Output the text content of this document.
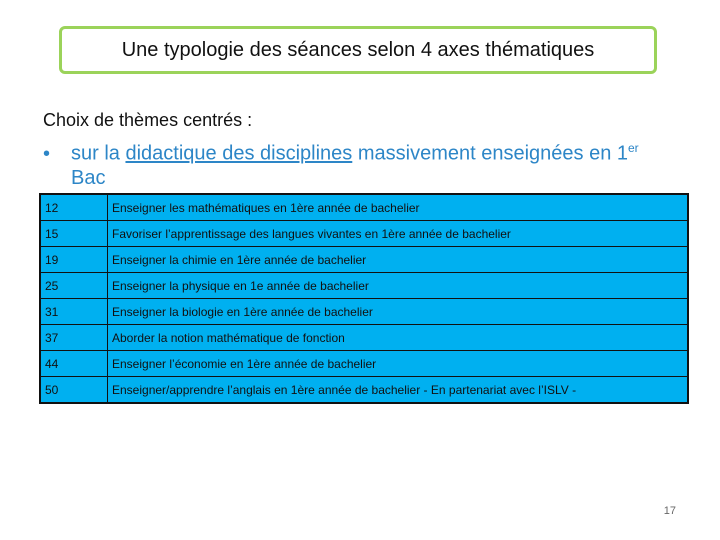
Une typologie des séances selon 4 axes thématiques
Choix de thèmes centrés :
• sur la didactique des disciplines massivement enseignées en 1er
Bac
12	Enseigner les mathématiques en 1ère année de bachelier
15	Favoriser l’apprentissage des langues vivantes en 1ère année de bachelier
19	Enseigner la chimie en 1ère année de bachelier
25	Enseigner la physique en 1e année de bachelier
31	Enseigner la biologie en 1ère année de bachelier
37	Aborder la notion mathématique de fonction
44	Enseigner l’économie en 1ère année de bachelier
50	Enseigner/apprendre l’anglais en 1ère année de bachelier - En partenariat avec l’ISLV -
17
